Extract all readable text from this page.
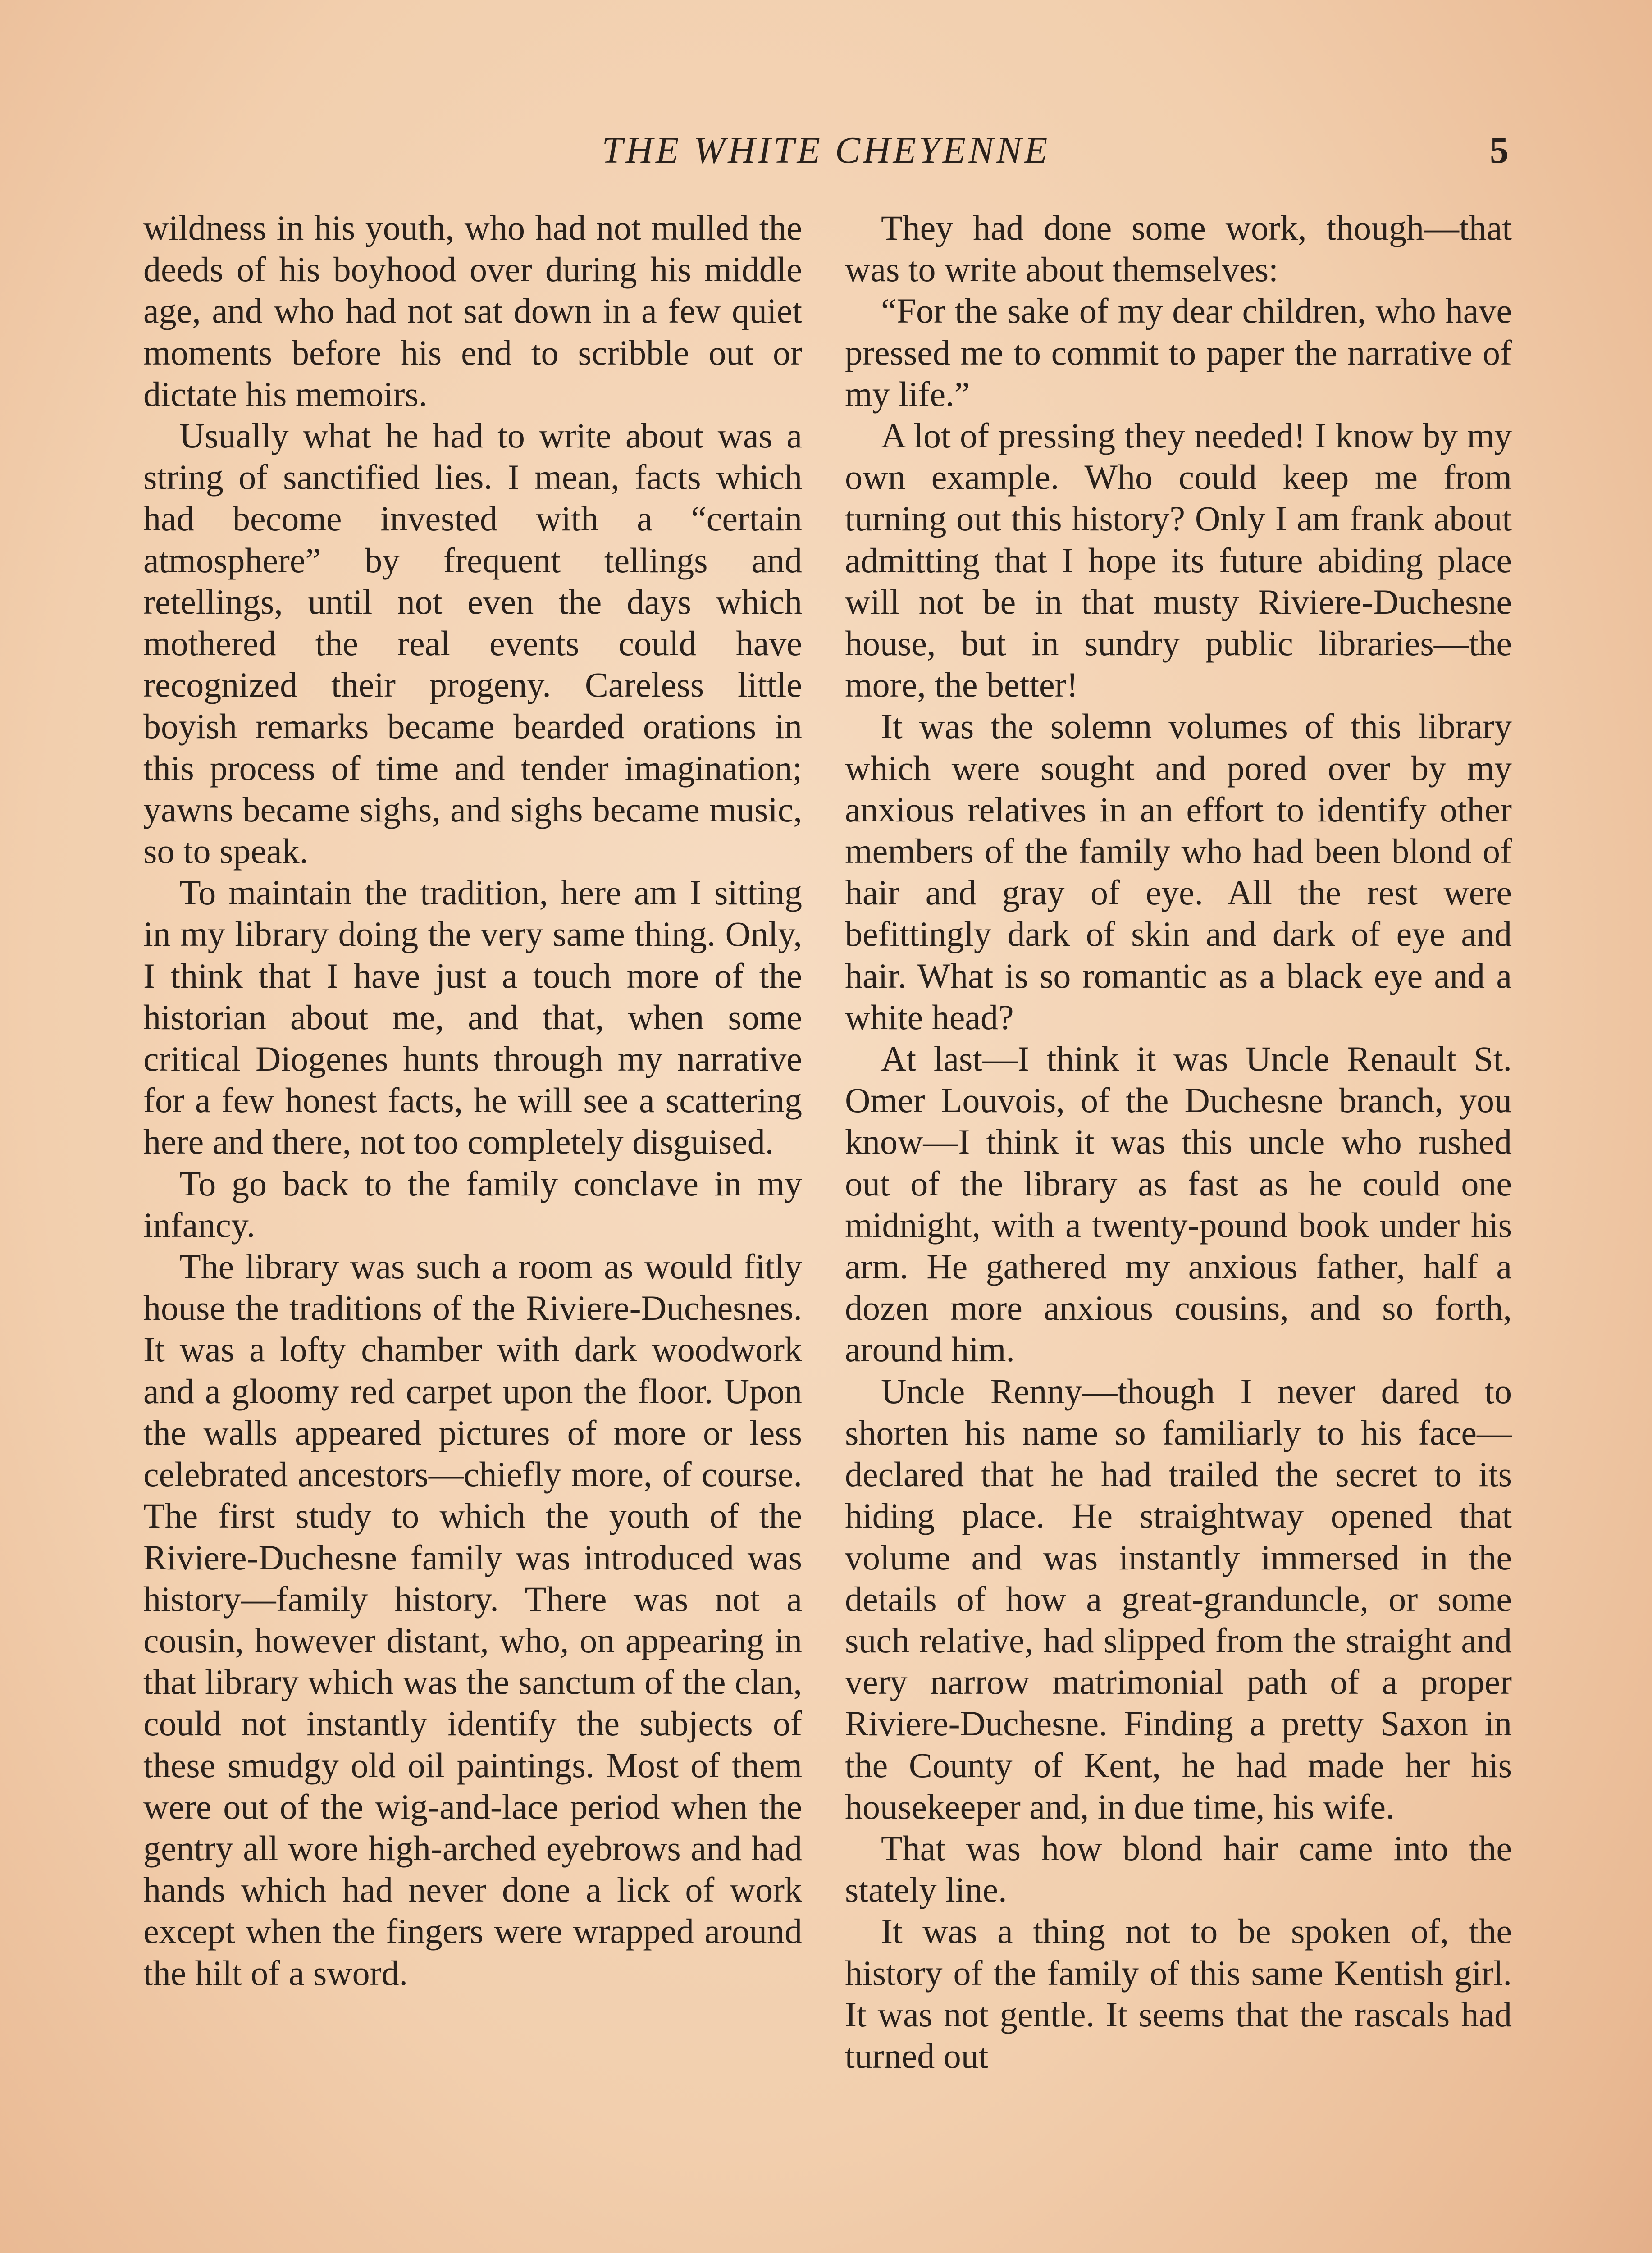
THE WHITE CHEYENNE	5

wildness in his youth, who had not mulled the deeds of his boyhood over during his middle age, and who had not sat down in a few quiet moments before his end to scribble out or dictate his memoirs.

Usually what he had to write about was a string of sanctified lies. I mean, facts which had become invested with a “certain atmosphere” by frequent tellings and retellings, until not even the days which mothered the real events could have recognized their progeny. Careless little boyish remarks became bearded orations in this process of time and tender imagination; yawns became sighs, and sighs became music, so to speak.

To maintain the tradition, here am I sitting in my library doing the very same thing. Only, I think that I have just a touch more of the historian about me, and that, when some critical Diogenes hunts through my narrative for a few honest facts, he will see a scattering here and there, not too completely disguised.

To go back to the family conclave in my infancy.

The library was such a room as would fitly house the traditions of the Riviere-Duchesnes. It was a lofty chamber with dark woodwork and a gloomy red carpet upon the floor. Upon the walls appeared pictures of more or less celebrated ancestors—chiefly more, of course. The first study to which the youth of the Riviere-Duchesne family was introduced was history—family history. There was not a cousin, however distant, who, on appearing in that library which was the sanctum of the clan, could not instantly identify the subjects of these smudgy old oil paintings. Most of them were out of the wig-and-lace period when the gentry all wore high-arched eyebrows and had hands which had never done a lick of work except when the fingers were wrapped around the hilt of a sword.

They had done some work, though—that was to write about themselves:

“For the sake of my dear children, who have pressed me to commit to paper the narrative of my life.”

A lot of pressing they needed! I know by my own example. Who could keep me from turning out this history? Only I am frank about admitting that I hope its future abiding place will not be in that musty Riviere-Duchesne house, but in sundry public libraries—the more, the better!

It was the solemn volumes of this library which were sought and pored over by my anxious relatives in an effort to identify other members of the family who had been blond of hair and gray of eye. All the rest were befittingly dark of skin and dark of eye and hair. What is so romantic as a black eye and a white head?

At last—I think it was Uncle Renault St. Omer Louvois, of the Duchesne branch, you know—I think it was this uncle who rushed out of the library as fast as he could one midnight, with a twenty-pound book under his arm. He gathered my anxious father, half a dozen more anxious cousins, and so forth, around him.

Uncle Renny—though I never dared to shorten his name so familiarly to his face—declared that he had trailed the secret to its hiding place. He straightway opened that volume and was instantly immersed in the details of how a great-granduncle, or some such relative, had slipped from the straight and very narrow matrimonial path of a proper Riviere-Duchesne. Finding a pretty Saxon in the County of Kent, he had made her his housekeeper and, in due time, his wife.

That was how blond hair came into the stately line.

It was a thing not to be spoken of, the history of the family of this same Kentish girl. It was not gentle. It seems that the rascals had turned out
